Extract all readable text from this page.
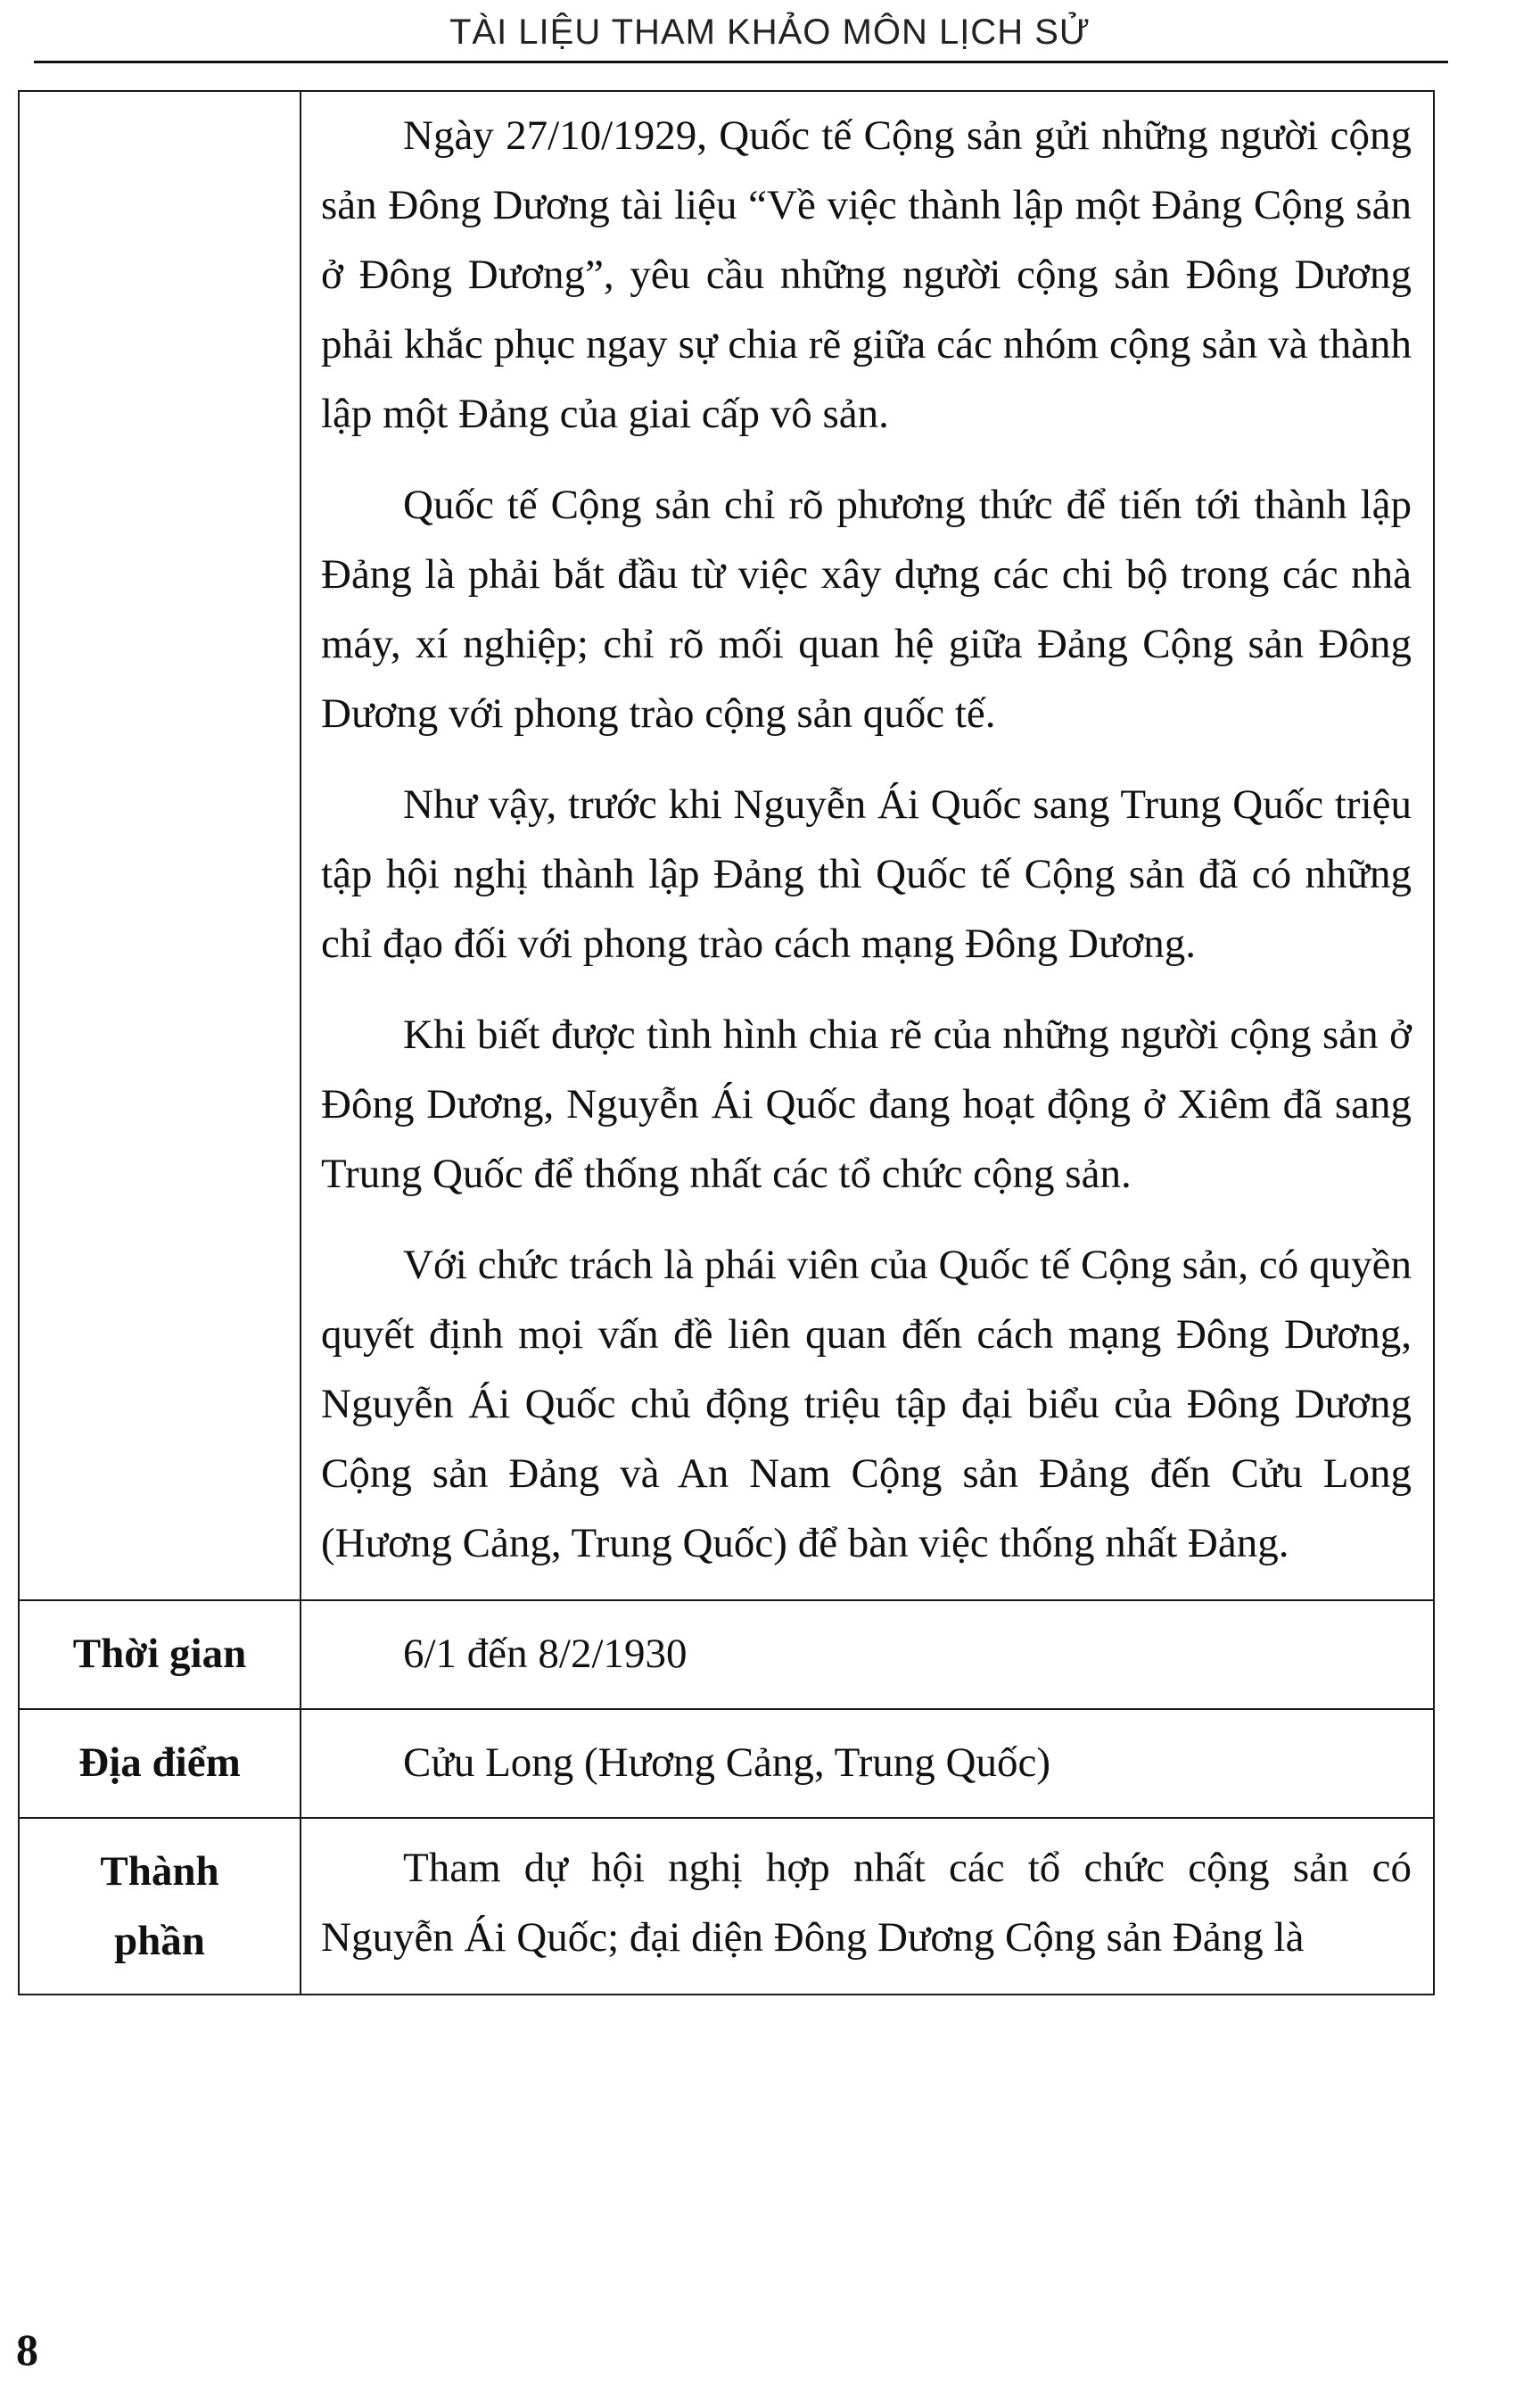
TÀI LIỆU THAM KHẢO MÔN LỊCH SỬ

	Ngày 27/10/1929, Quốc tế Cộng sản gửi những người cộng sản Đông Dương tài liệu “Về việc thành lập một Đảng Cộng sản ở Đông Dương”, yêu cầu những người cộng sản Đông Dương phải khắc phục ngay sự chia rẽ giữa các nhóm cộng sản và thành lập một Đảng của giai cấp vô sản.

Quốc tế Cộng sản chỉ rõ phương thức để tiến tới thành lập Đảng là phải bắt đầu từ việc xây dựng các chi bộ trong các nhà máy, xí nghiệp; chỉ rõ mối quan hệ giữa Đảng Cộng sản Đông Dương với phong trào cộng sản quốc tế.

Như vậy, trước khi Nguyễn Ái Quốc sang Trung Quốc triệu tập hội nghị thành lập Đảng thì Quốc tế Cộng sản đã có những chỉ đạo đối với phong trào cách mạng Đông Dương.

Khi biết được tình hình chia rẽ của những người cộng sản ở Đông Dương, Nguyễn Ái Quốc đang hoạt động ở Xiêm đã sang Trung Quốc để thống nhất các tổ chức cộng sản.

Với chức trách là phái viên của Quốc tế Cộng sản, có quyền quyết định mọi vấn đề liên quan đến cách mạng Đông Dương, Nguyễn Ái Quốc chủ động triệu tập đại biểu của Đông Dương Cộng sản Đảng và An Nam Cộng sản Đảng đến Cửu Long (Hương Cảng, Trung Quốc) để bàn việc thống nhất Đảng.

Thời gian	6/1 đến 8/2/1930

Địa điểm	Cửu Long (Hương Cảng, Trung Quốc)

Thành
phần	Tham dự hội nghị hợp nhất các tổ chức cộng sản có Nguyễn Ái Quốc; đại diện Đông Dương Cộng sản Đảng là

8
